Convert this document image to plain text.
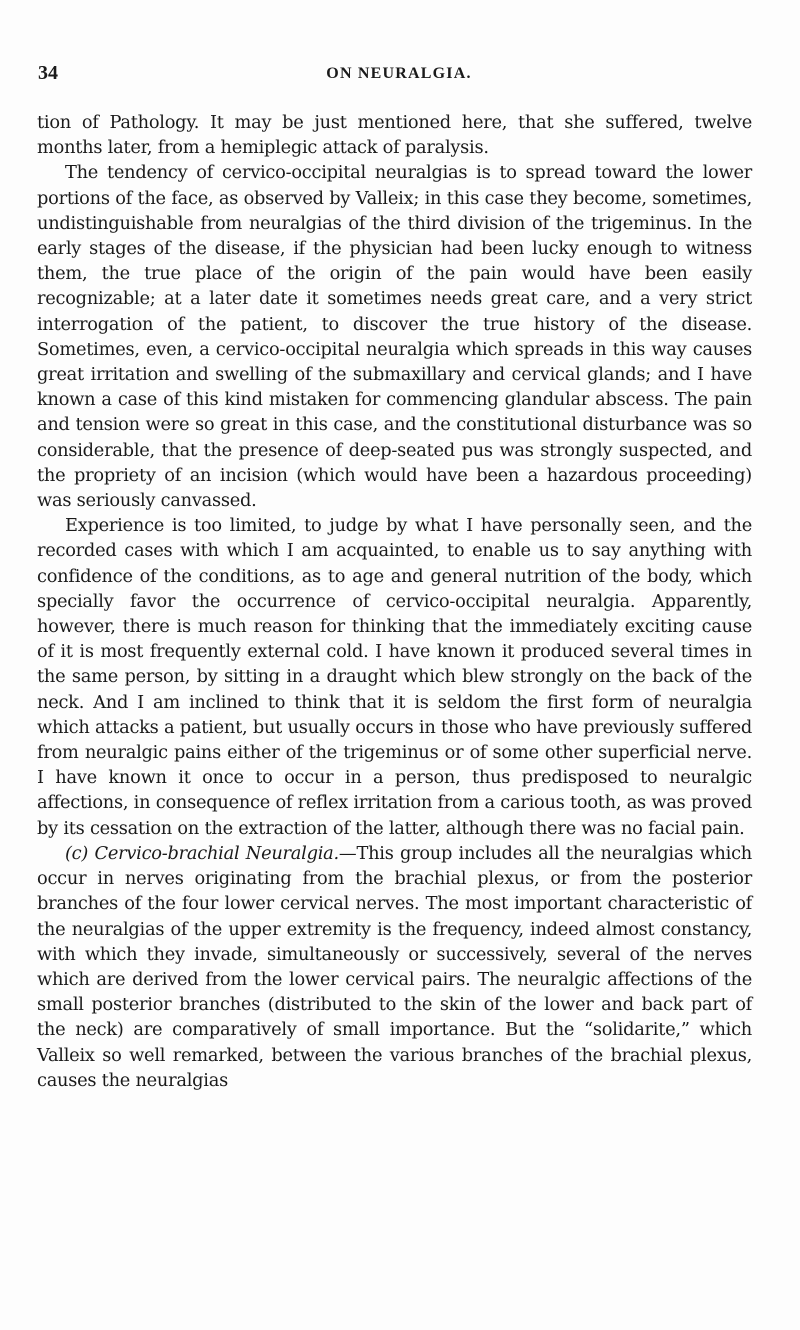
34	ON NEURALGIA.

tion of Pathology. It may be just mentioned here, that she suffered, twelve months later, from a hemiplegic attack of paralysis.

The tendency of cervico-occipital neuralgias is to spread toward the lower portions of the face, as observed by Valleix; in this case they become, sometimes, undistinguishable from neuralgias of the third division of the trigeminus. In the early stages of the disease, if the physician had been lucky enough to witness them, the true place of the origin of the pain would have been easily recognizable; at a later date it sometimes needs great care, and a very strict interrogation of the patient, to discover the true history of the disease. Sometimes, even, a cervico-occipital neuralgia which spreads in this way causes great irritation and swelling of the submaxillary and cervical glands; and I have known a case of this kind mistaken for commencing glandular abscess. The pain and tension were so great in this case, and the constitutional disturbance was so considerable, that the presence of deep-seated pus was strongly suspected, and the propriety of an incision (which would have been a hazardous proceeding) was seriously canvassed.

Experience is too limited, to judge by what I have personally seen, and the recorded cases with which I am acquainted, to enable us to say anything with confidence of the conditions, as to age and general nutrition of the body, which specially favor the occurrence of cervico-occipital neuralgia. Apparently, however, there is much reason for thinking that the immediately exciting cause of it is most frequently external cold. I have known it produced several times in the same person, by sitting in a draught which blew strongly on the back of the neck. And I am inclined to think that it is seldom the first form of neuralgia which attacks a patient, but usually occurs in those who have previously suffered from neuralgic pains either of the trigeminus or of some other superficial nerve. I have known it once to occur in a person, thus predisposed to neuralgic affections, in consequence of reflex irritation from a carious tooth, as was proved by its cessation on the extraction of the latter, although there was no facial pain.

(c) Cervico-brachial Neuralgia.—This group includes all the neuralgias which occur in nerves originating from the brachial plexus, or from the posterior branches of the four lower cervical nerves. The most important characteristic of the neuralgias of the upper extremity is the frequency, indeed almost constancy, with which they invade, simultaneously or successively, several of the nerves which are derived from the lower cervical pairs. The neuralgic affections of the small posterior branches (distributed to the skin of the lower and back part of the neck) are comparatively of small importance. But the “solidarite,” which Valleix so well remarked, between the various branches of the brachial plexus, causes the neuralgias
